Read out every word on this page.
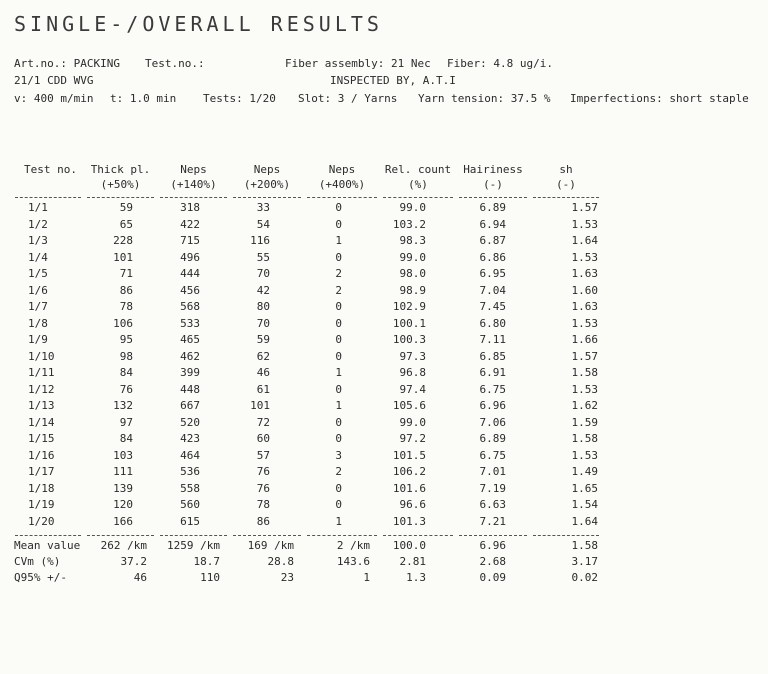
SINGLE-/OVERALL RESULTS
Art.no.: PACKING Test.no.:	Fiber assembly: 21 Nec Fiber: 4.8 ug/i.
21/1 CDD WVG	INSPECTED BY, A.T.I
v: 400 m/min t: 1.0 min Tests: 1/20 Slot: 3 / Yarns Yarn tension: 37.5 % Imperfections: short staple
Test no.	Thick pl.	Neps	Neps	Neps	Rel. count	Hairiness	sh
	(+50%)	(+140%)	(+200%)	(+400%)	(%)	(-)	(-)

1/1	59	318	33	0	99.0	6.89	1.57
1/2	65	422	54	0	103.2	6.94	1.53
1/3	228	715	116	1	98.3	6.87	1.64
1/4	101	496	55	0	99.0	6.86	1.53
1/5	71	444	70	2	98.0	6.95	1.63
1/6	86	456	42	2	98.9	7.04	1.60
1/7	78	568	80	0	102.9	7.45	1.63
1/8	106	533	70	0	100.1	6.80	1.53
1/9	95	465	59	0	100.3	7.11	1.66
1/10	98	462	62	0	97.3	6.85	1.57
1/11	84	399	46	1	96.8	6.91	1.58
1/12	76	448	61	0	97.4	6.75	1.53
1/13	132	667	101	1	105.6	6.96	1.62
1/14	97	520	72	0	99.0	7.06	1.59
1/15	84	423	60	0	97.2	6.89	1.58
1/16	103	464	57	3	101.5	6.75	1.53
1/17	111	536	76	2	106.2	7.01	1.49
1/18	139	558	76	0	101.6	7.19	1.65
1/19	120	560	78	0	96.6	6.63	1.54
1/20	166	615	86	1	101.3	7.21	1.64

Mean value	262 /km	1259 /km	169 /km	2 /km	100.0	6.96	1.58
CVm (%)	37.2	18.7	28.8	143.6	2.81	2.68	3.17
Q95% +/-	46	110	23	1	1.3	0.09	0.02
